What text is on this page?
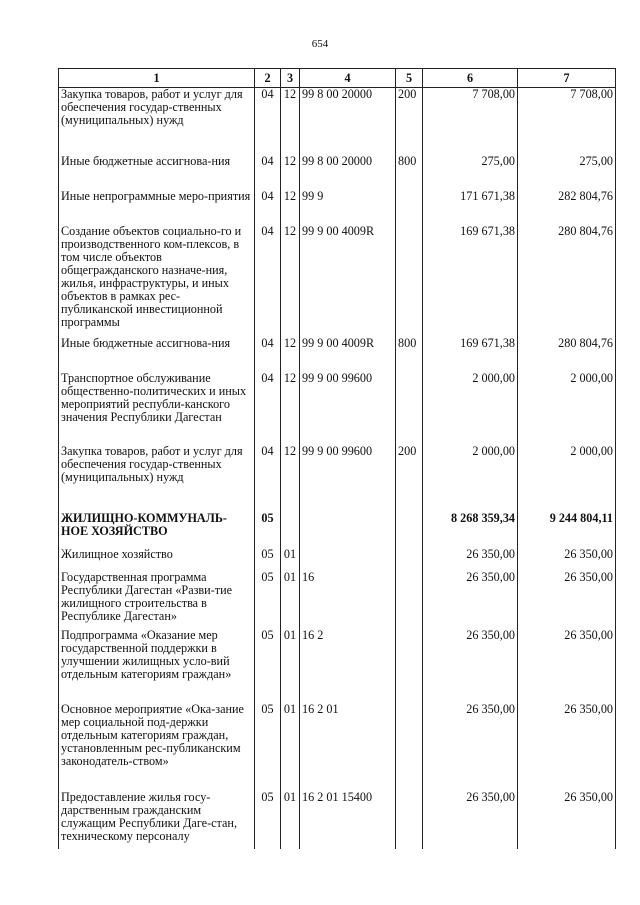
654
1	2	3	4	5	6	7
Закупка товаров, работ и услуг для обеспечения государ-ственных (муниципальных) нужд	04	12	99 8 00 20000	200	7 708,00	7 708,00
Иные бюджетные ассигнова-ния	04	12	99 8 00 20000	800	275,00	275,00
Иные непрограммные меро-приятия	04	12	99 9		171 671,38	282 804,76
Создание объектов социально-го и производственного ком-плексов, в том числе объектов общегражданского назначе-ния, жилья, инфраструктуры, и иных объектов в рамках рес-публиканской инвестиционной программы	04	12	99 9 00 4009R		169 671,38	280 804,76
Иные бюджетные ассигнова-ния	04	12	99 9 00 4009R	800	169 671,38	280 804,76
Транспортное обслуживание общественно-политических и иных мероприятий республи-канского значения Республики Дагестан	04	12	99 9 00 99600		2 000,00	2 000,00
Закупка товаров, работ и услуг для обеспечения государ-ственных (муниципальных) нужд	04	12	99 9 00 99600	200	2 000,00	2 000,00
ЖИЛИЩНО-КОММУНАЛЬ-НОЕ ХОЗЯЙСТВО	05				8 268 359,34	9 244 804,11
Жилищное хозяйство	05	01			26 350,00	26 350,00
Государственная программа Республики Дагестан «Разви-тие жилищного строительства в Республике Дагестан»	05	01	16		26 350,00	26 350,00
Подпрограмма «Оказание мер государственной поддержки в улучшении жилищных усло-вий отдельным категориям граждан»	05	01	16 2		26 350,00	26 350,00
Основное мероприятие «Ока-зание мер социальной под-держки отдельным категориям граждан, установленным рес-публиканским законодатель-ством»	05	01	16 2 01		26 350,00	26 350,00
Предоставление жилья госу-дарственным гражданским служащим Республики Даге-стан, техническому персоналу	05	01	16 2 01 15400		26 350,00	26 350,00
